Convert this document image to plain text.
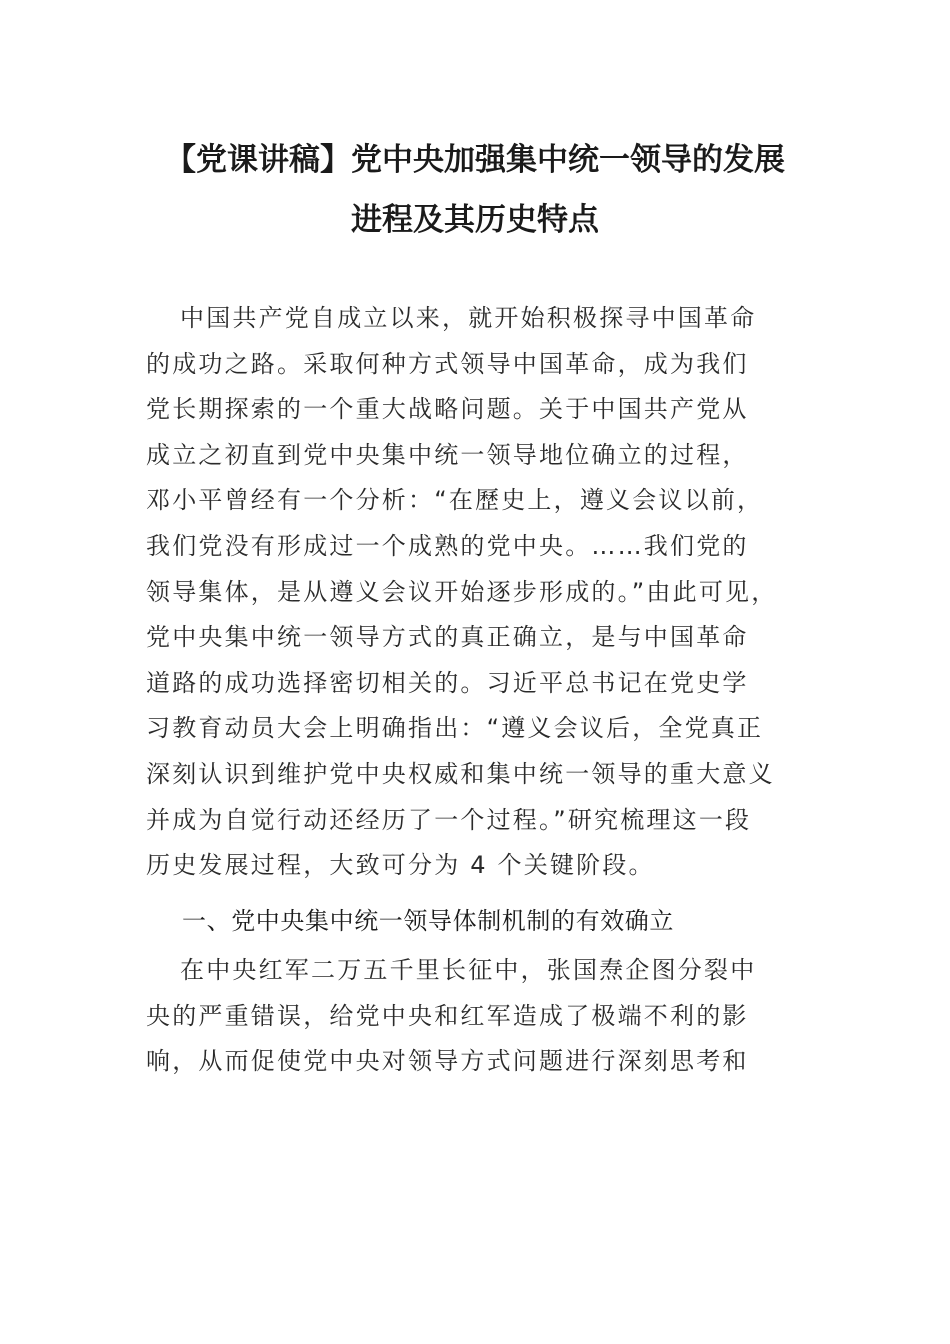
【党课讲稿】党中央加强集中统一领导的发展
进程及其历史特点
中国共产党自成立以来，就开始积极探寻中国革命
的成功之路。采取何种方式领导中国革命，成为我们
党长期探索的一个重大战略问题。关于中国共产党从
成立之初直到党中央集中统一领导地位确立的过程，
邓小平曾经有一个分析：“在歷史上，遵义会议以前，
我们党没有形成过一个成熟的党中央。……我们党的
领导集体，是从遵义会议开始逐步形成的。”由此可见，
党中央集中统一领导方式的真正确立，是与中国革命
道路的成功选择密切相关的。习近平总书记在党史学
习教育动员大会上明确指出：“遵义会议后，全党真正
深刻认识到维护党中央权威和集中统一领导的重大意义
并成为自觉行动还经历了一个过程。”研究梳理这一段
历史发展过程，大致可分为 4 个关键阶段。
一、党中央集中统一领导体制机制的有效确立
在中央红军二万五千里长征中，张国焘企图分裂中
央的严重错误，给党中央和红军造成了极端不利的影
响，从而促使党中央对领导方式问题进行深刻思考和
